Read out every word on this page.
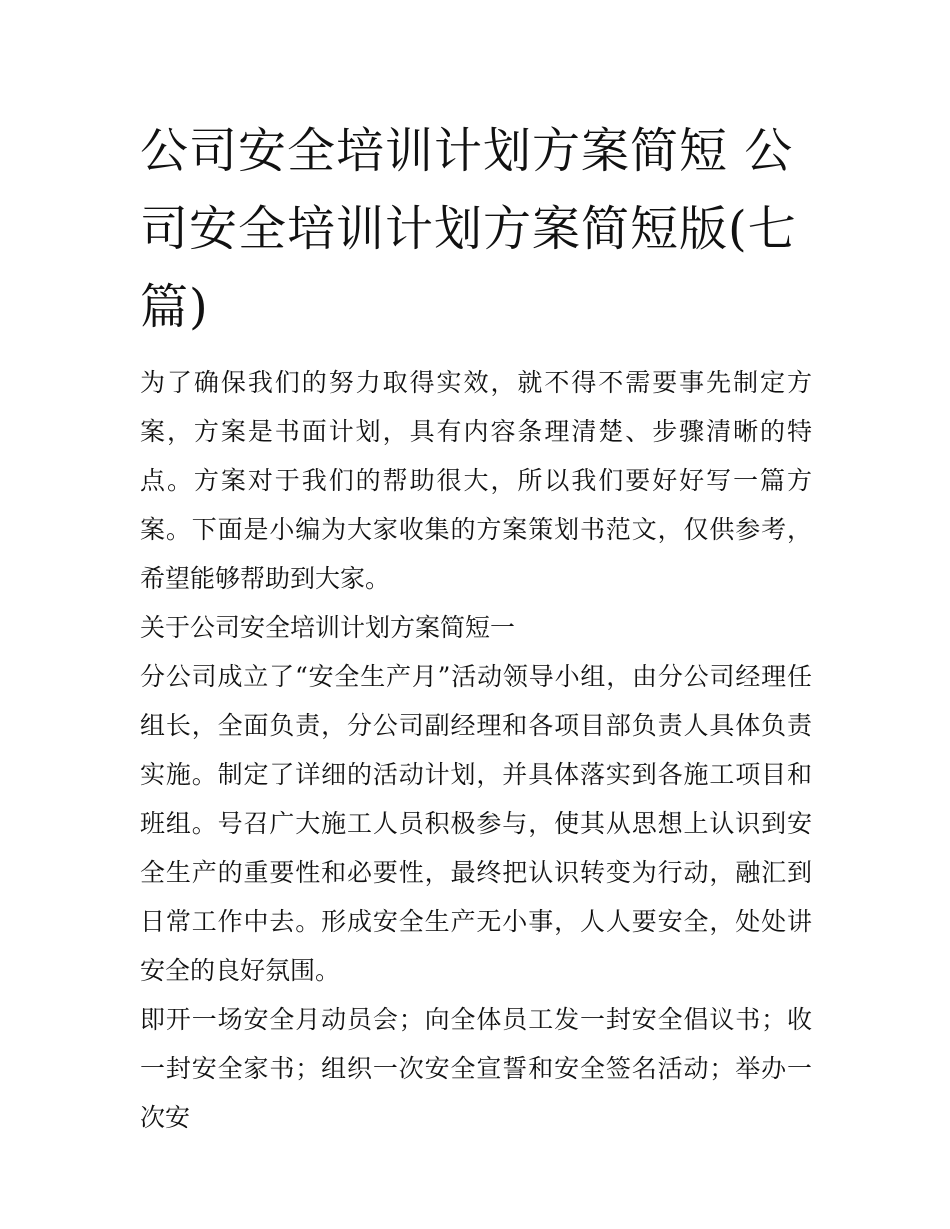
公司安全培训计划方案简短 公司安全培训计划方案简短版(七篇)

为了确保我们的努力取得实效，就不得不需要事先制定方案，方案是书面计划，具有内容条理清楚、步骤清晰的特点。方案对于我们的帮助很大，所以我们要好好写一篇方案。下面是小编为大家收集的方案策划书范文，仅供参考，希望能够帮助到大家。

关于公司安全培训计划方案简短一

分公司成立了“安全生产月”活动领导小组，由分公司经理任组长，全面负责，分公司副经理和各项目部负责人具体负责实施。制定了详细的活动计划，并具体落实到各施工项目和班组。号召广大施工人员积极参与，使其从思想上认识到安全生产的重要性和必要性，最终把认识转变为行动，融汇到日常工作中去。形成安全生产无小事，人人要安全，处处讲安全的良好氛围。

即开一场安全月动员会；向全体员工发一封安全倡议书；收一封安全家书；组织一次安全宣誓和安全签名活动；举办一次安
